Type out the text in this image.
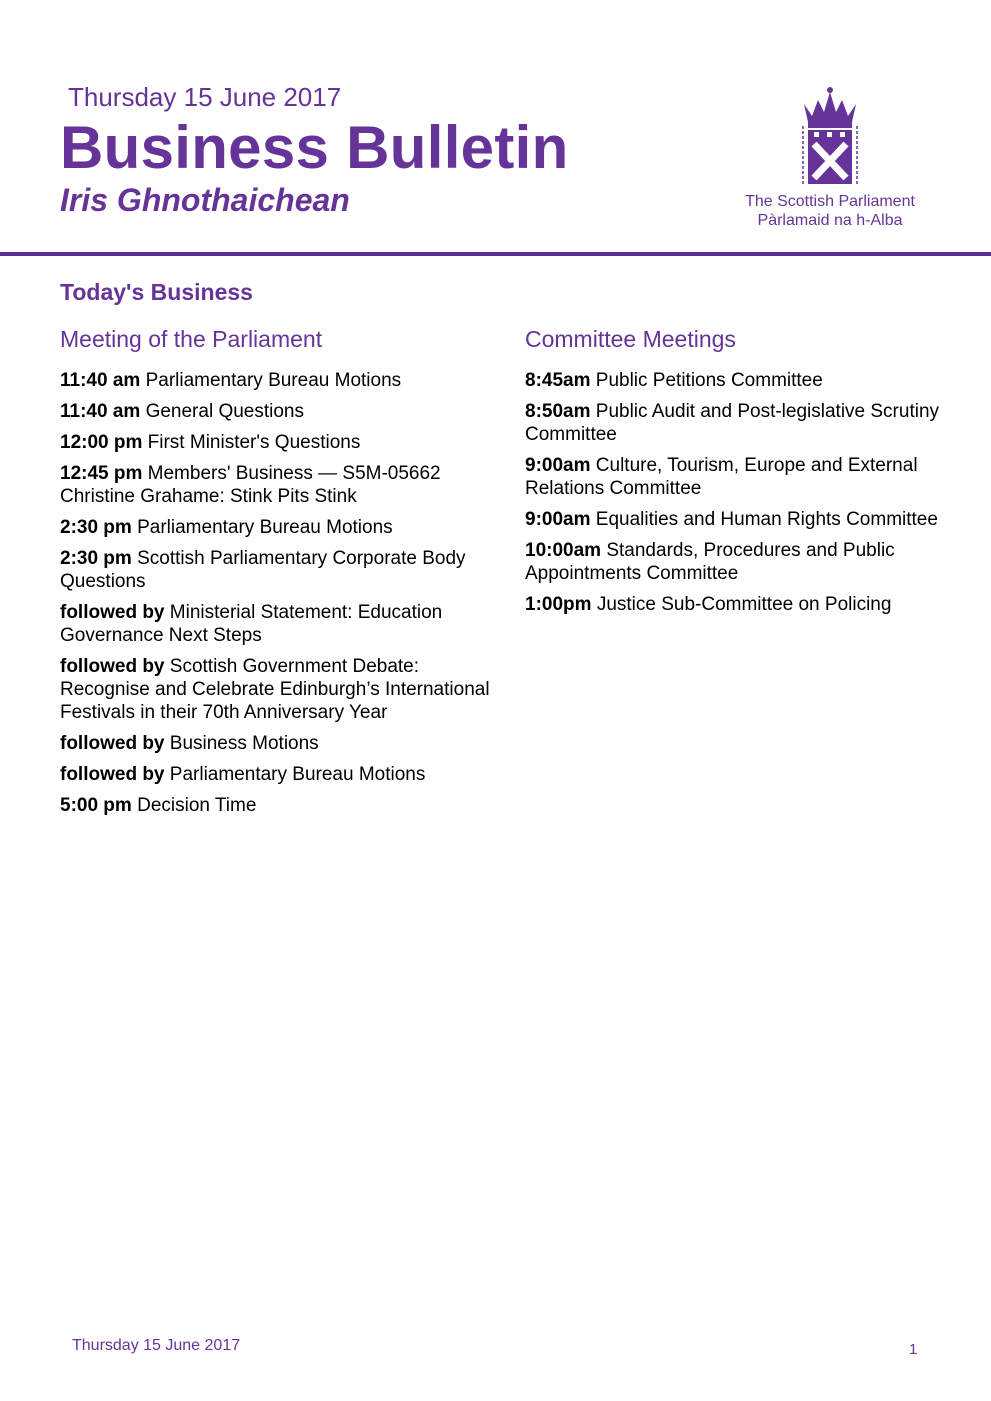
Thursday 15 June 2017
Business Bulletin
Iris Ghnothaichean	The Scottish Parliament
Pàrlamaid na h-Alba
Today's Business
Meeting of the Parliament
11:40 am Parliamentary Bureau Motions
11:40 am General Questions
12:00 pm First Minister's Questions
12:45 pm Members' Business — S5M-05662 Christine Grahame: Stink Pits Stink
2:30 pm Parliamentary Bureau Motions
2:30 pm Scottish Parliamentary Corporate Body Questions
followed by Ministerial Statement: Education Governance Next Steps
followed by Scottish Government Debate: Recognise and Celebrate Edinburgh’s International Festivals in their 70th Anniversary Year
followed by Business Motions
followed by Parliamentary Bureau Motions
5:00 pm Decision Time
Committee Meetings
8:45am Public Petitions Committee
8:50am Public Audit and Post-legislative Scrutiny Committee
9:00am Culture, Tourism, Europe and External Relations Committee
9:00am Equalities and Human Rights Committee
10:00am Standards, Procedures and Public Appointments Committee
1:00pm Justice Sub-Committee on Policing
Thursday 15 June 2017	1
